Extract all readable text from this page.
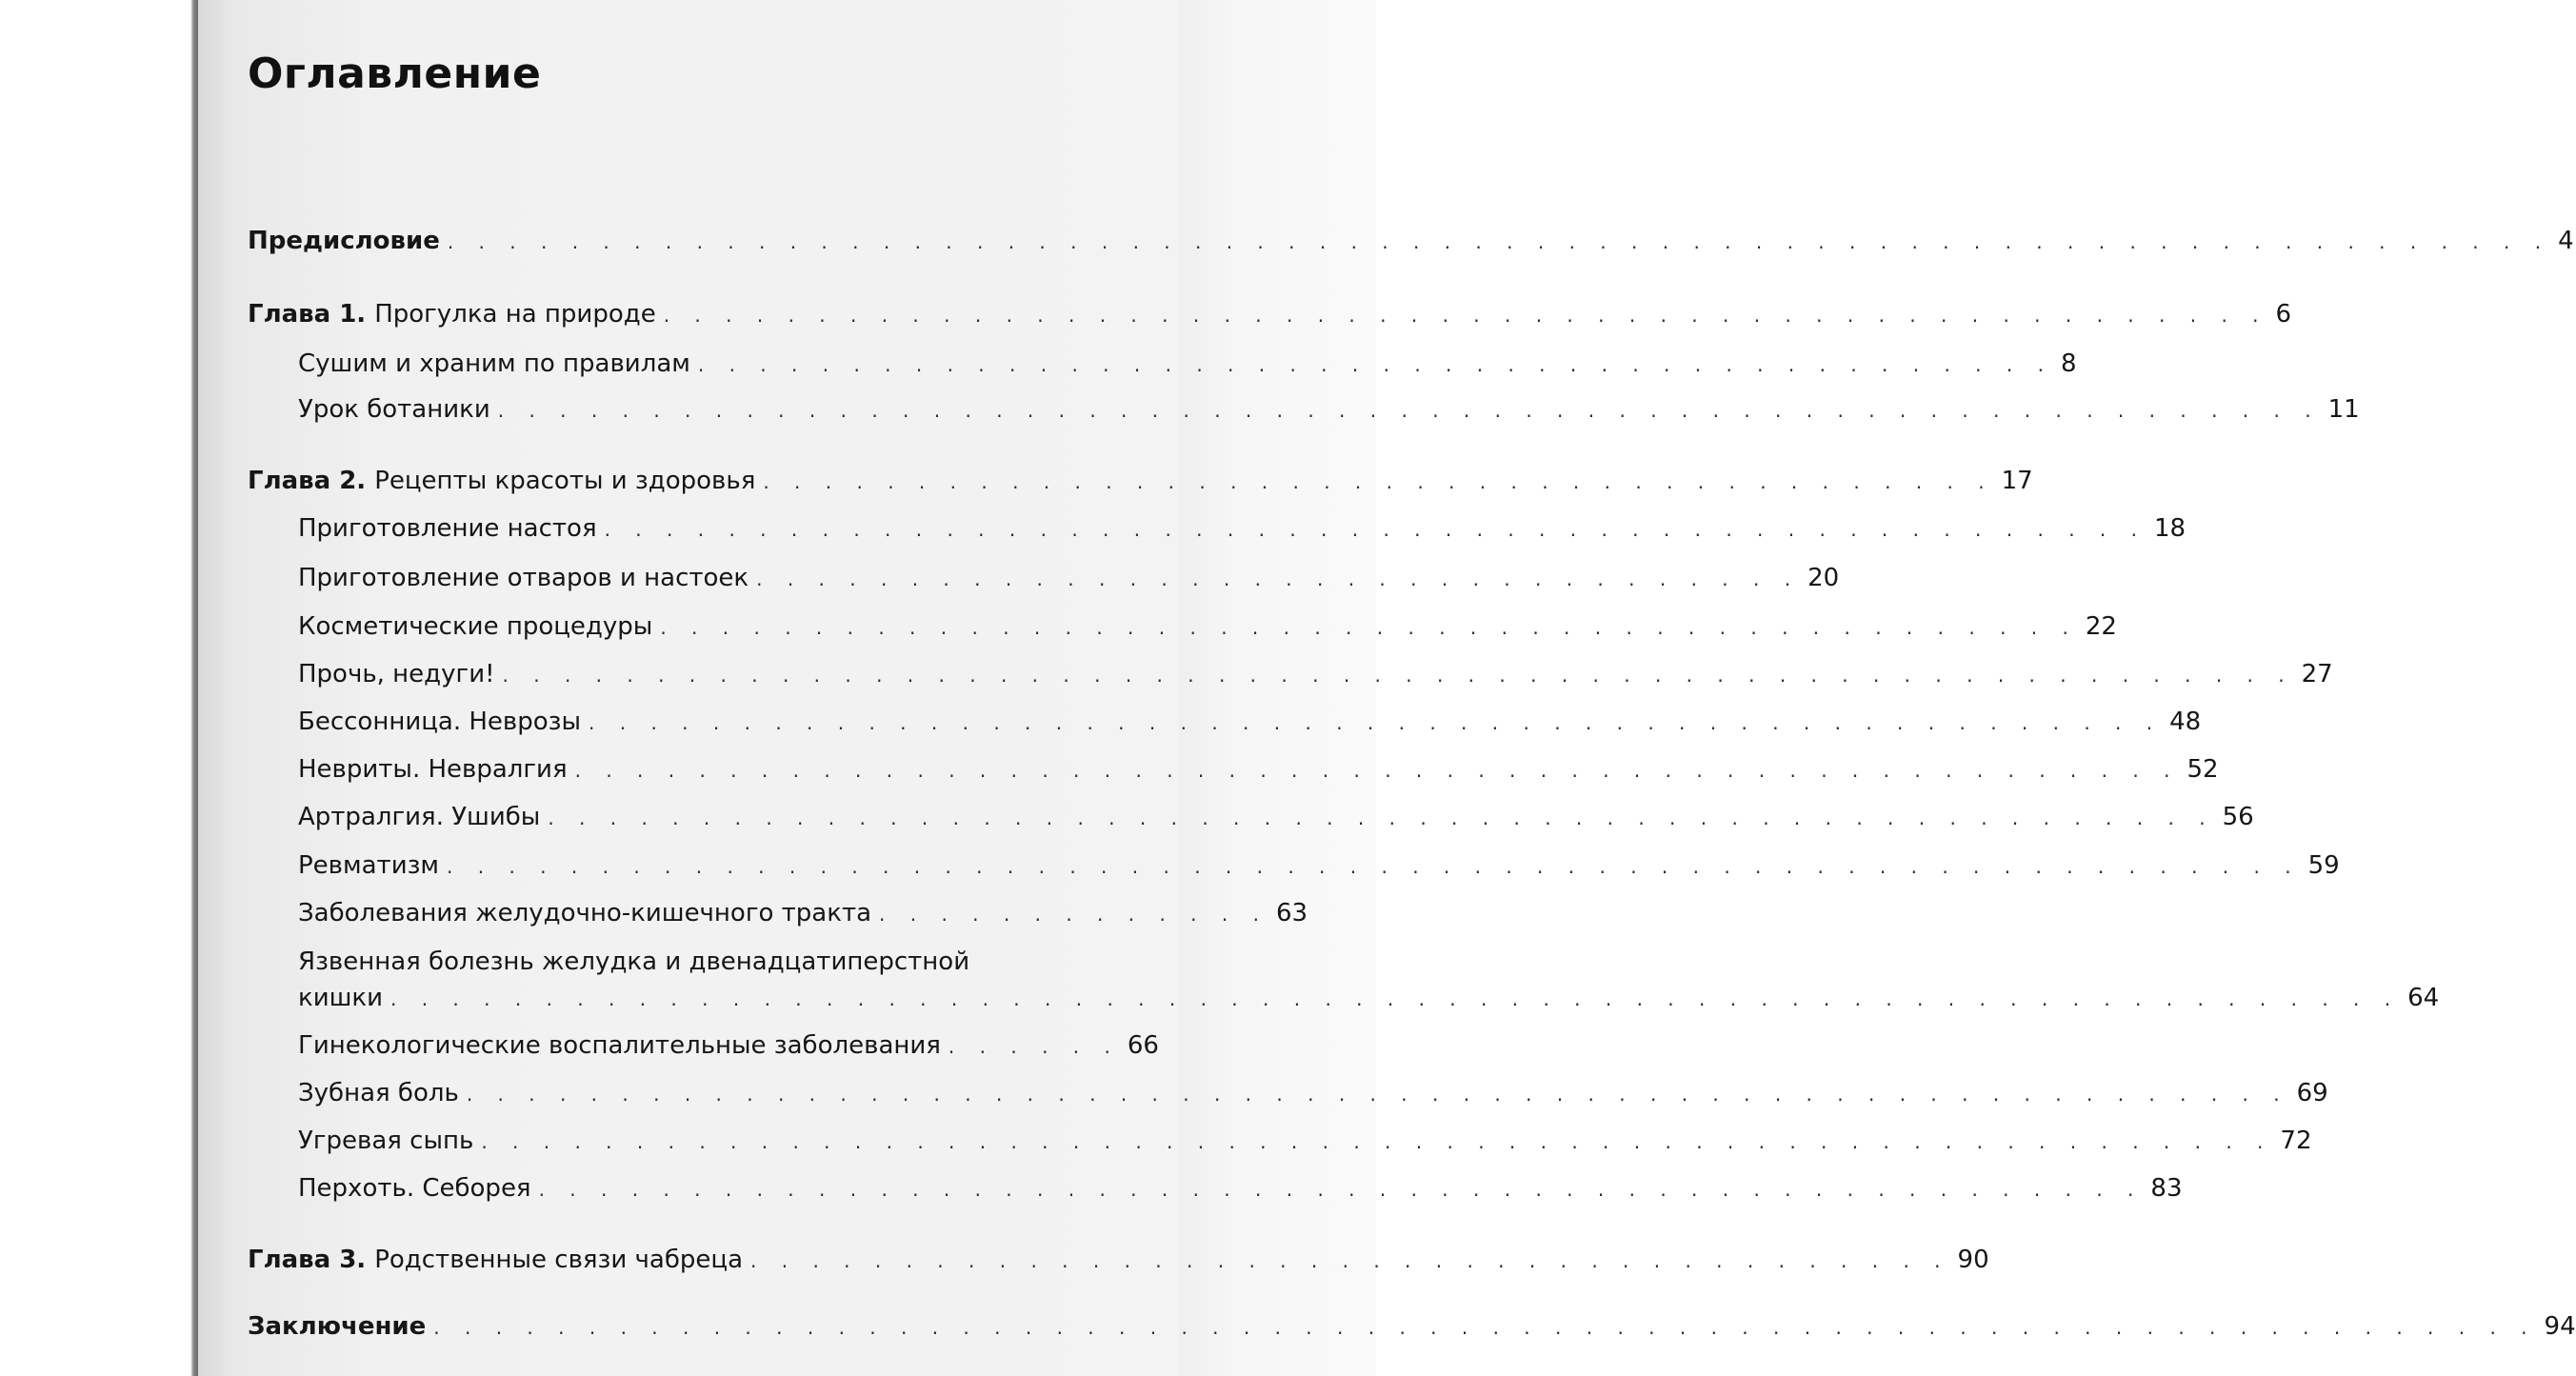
Оглавление
Предисловие . . . . . . . . . . . . . . . . . . . . . . . . . . . . . . . . . . . . . . . . . . . . . . . . . . . . . . . . . . . . . . . . . . . . 4
Глава 1. Прогулка на природе . . . . . . . . . . . . . . . . . . . . . . . . . . . . . . . . . . . . . . . . . . . . . . . . . . . . 6
Сушим и храним по правилам . . . . . . . . . . . . . . . . . . . . . . . . . . . . . . . . . . . . . . . . . . . . 8
Урок ботаники . . . . . . . . . . . . . . . . . . . . . . . . . . . . . . . . . . . . . . . . . . . . . . . . . . . . . . . . . . . 11
Глава 2. Рецепты красоты и здоровья . . . . . . . . . . . . . . . . . . . . . . . . . . . . . . . . . . . . . . . . 17
Приготовление настоя . . . . . . . . . . . . . . . . . . . . . . . . . . . . . . . . . . . . . . . . . . . . . . . . . . 18
Приготовление отваров и настоек . . . . . . . . . . . . . . . . . . . . . . . . . . . . . . . . . . 20
Косметические процедуры . . . . . . . . . . . . . . . . . . . . . . . . . . . . . . . . . . . . . . . . . . . . . . 22
Прочь, недуги! . . . . . . . . . . . . . . . . . . . . . . . . . . . . . . . . . . . . . . . . . . . . . . . . . . . . . . . . . . 27
Бессонница. Неврозы . . . . . . . . . . . . . . . . . . . . . . . . . . . . . . . . . . . . . . . . . . . . . . . . . . . 48
Невриты. Невралгия . . . . . . . . . . . . . . . . . . . . . . . . . . . . . . . . . . . . . . . . . . . . . . . . . . . . 52
Артралгия. Ушибы . . . . . . . . . . . . . . . . . . . . . . . . . . . . . . . . . . . . . . . . . . . . . . . . . . . . . . 56
Ревматизм . . . . . . . . . . . . . . . . . . . . . . . . . . . . . . . . . . . . . . . . . . . . . . . . . . . . . . . . . . . . 59
Заболевания желудочно-кишечного тракта . . . . . . . . . . . . . 63
Язвенная болезнь желудка и двенадцатиперстной
кишки . . . . . . . . . . . . . . . . . . . . . . . . . . . . . . . . . . . . . . . . . . . . . . . . . . . . . . . . . . . . . . . . . 64
Гинекологические воспалительные заболевания . . . . . . 66
Зубная боль . . . . . . . . . . . . . . . . . . . . . . . . . . . . . . . . . . . . . . . . . . . . . . . . . . . . . . . . . . . 69
Угревая сыпь . . . . . . . . . . . . . . . . . . . . . . . . . . . . . . . . . . . . . . . . . . . . . . . . . . . . . . . . . . 72
Перхоть. Себорея . . . . . . . . . . . . . . . . . . . . . . . . . . . . . . . . . . . . . . . . . . . . . . . . . . . . 83
Глава 3. Родственные связи чабреца . . . . . . . . . . . . . . . . . . . . . . . . . . . . . . . . . . . . . . . 90
Заключение . . . . . . . . . . . . . . . . . . . . . . . . . . . . . . . . . . . . . . . . . . . . . . . . . . . . . . . . . . . . . . . . . . . . 94
